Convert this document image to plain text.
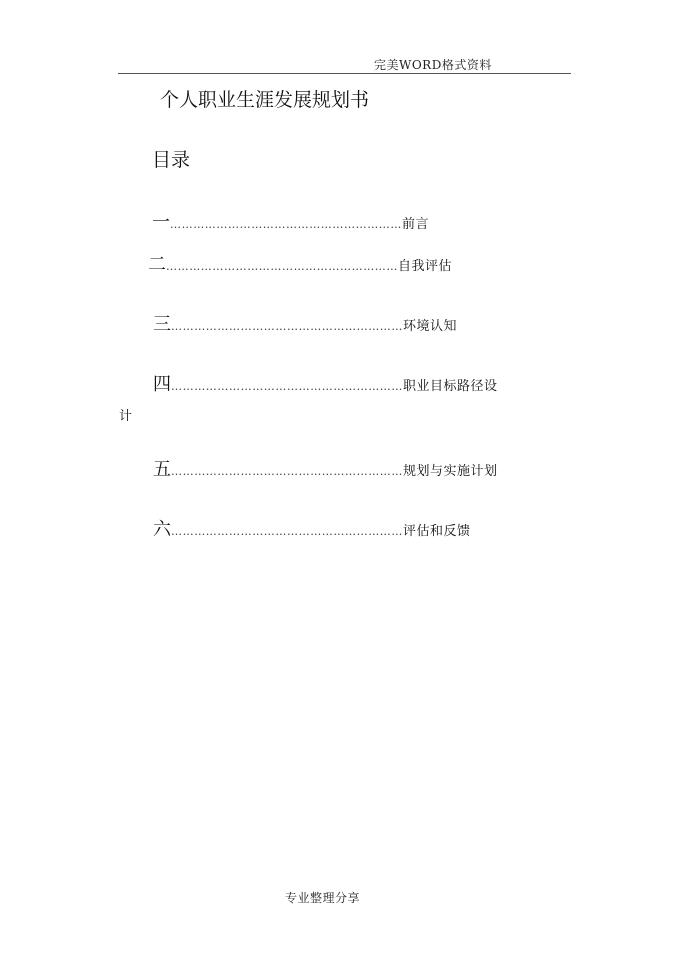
完美WORD格式资料
个人职业生涯发展规划书
目录
一 …………………………………………………… 前言
二 …………………………………………………… 自我评估
三 …………………………………………………… 环境认知
四 …………………………………………………… 职业目标路径设
计
五 …………………………………………………… 规划与实施计划
六 …………………………………………………… 评估和反馈
专业整理分享
